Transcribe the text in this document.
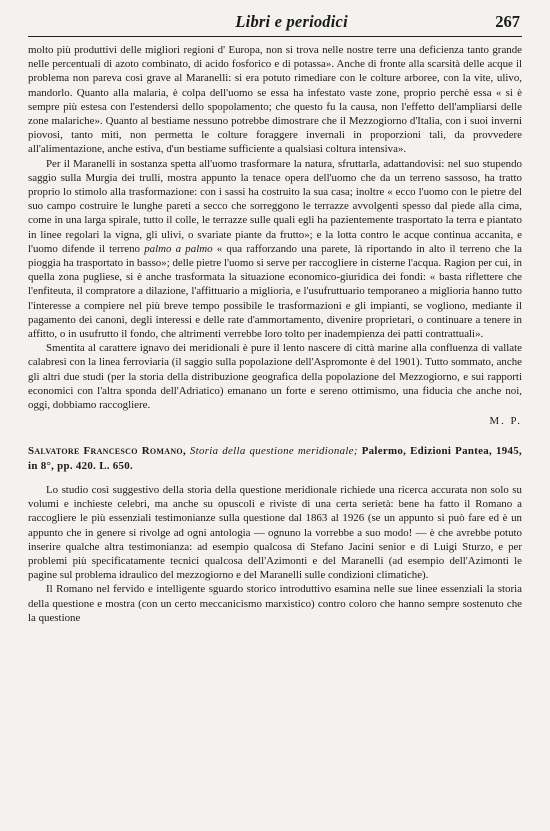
Libri e periodici	267

molto più produttivi delle migliori regioni d' Europa, non si trova nelle nostre terre una deficienza tanto grande nelle percentuali di azoto combinato, di acido fosforico e di potassa». Anche di fronte alla scarsità delle acque il problema non pareva così grave al Maranelli: si era potuto rimediare con le colture arboree, con la vite, ulivo, mandorlo. Quanto alla malaria, è colpa dell'uomo se essa ha infestato vaste zone, proprio perchè essa « si è sempre più estesa con l'estendersi dello spopolamento; che questo fu la causa, non l'effetto dell'ampliarsi delle zone malariche». Quanto al bestiame nessuno potrebbe dimostrare che il Mezzogiorno d'Italia, con i suoi inverni piovosi, tanto miti, non permetta le colture foraggere invernali in proporzioni tali, da provvedere all'alimentazione, anche estiva, d'un bestiame sufficiente a qualsiasi coltura intensiva».

Per il Maranelli in sostanza spetta all'uomo trasformare la natura, sfruttarla, adattandovisi: nel suo stupendo saggio sulla Murgia dei trulli, mostra appunto la tenace opera dell'uomo che da un terreno sassoso, ha tratto proprio lo stimolo alla trasformazione: con i sassi ha costruito la sua casa; inoltre « ecco l'uomo con le pietre del suo campo costruire le lunghe pareti a secco che sorreggono le terrazze avvolgenti spesso dal piede alla cima, come in una larga spirale, tutto il colle, le terrazze sulle quali egli ha pazientemente trasportato la terra e piantato in linee regolari la vigna, gli ulivi, o svariate piante da frutto»; e la lotta contro le acque continua accanita, e l'uomo difende il terreno palmo a palmo « qua rafforzando una parete, là riportando in alto il terreno che la pioggia ha trasportato in basso»; delle pietre l'uomo si serve per raccogliere in cisterne l'acqua. Ragion per cui, in quella zona pugliese, si è anche trasformata la situazione economico-giuridica dei fondi: « basta riflettere che l'enfiteuta, il compratore a dilazione, l'affittuario a miglioria, e l'usufruttuario temporaneo a miglioria hanno tutto l'interesse a compiere nel più breve tempo possibile le trasformazioni e gli impianti, se vogliono, mediante il pagamento dei canoni, degli interessi e delle rate d'ammortamento, divenire proprietari, o continuare a tenere in affitto, o in usufrutto il fondo, che altrimenti verrebbe loro tolto per inadempienza dei patti contrattuali».

Smentita al carattere ignavo dei meridionali è pure il lento nascere di città marine alla confluenza di vallate calabresi con la linea ferroviaria (il saggio sulla popolazione dell'Aspromonte è del 1901). Tutto sommato, anche gli altri due studi (per la storia della distribuzione geografica della popolazione del Mezzogiorno, e sui rapporti economici con l'altra sponda dell'Adriatico) emanano un forte e sereno ottimismo, una fiducia che anche noi, oggi, dobbiamo raccogliere.

M. P.
Salvatore Francesco Romano, Storia della questione meridionale; Palermo, Edizioni Pantea, 1945, in 8°, pp. 420. L. 650.

Lo studio così suggestivo della storia della questione meridionale richiede una ricerca accurata non solo su volumi e inchieste celebri, ma anche su opuscoli e riviste di una certa serietà: bene ha fatto il Romano a raccogliere le più essenziali testimonianze sulla questione dal 1863 al 1926 (se un appunto si può fare ed è un appunto che in genere si rivolge ad ogni antologia — ognuno la vorrebbe a suo modo! — è che avrebbe potuto inserire qualche altra testimonianza: ad esempio qualcosa di Stefano Jacini senior e di Luigi Sturzo, e per problemi più specificatamente tecnici qualcosa dell'Azimonti e del Maranelli (ad esempio dell'Azimonti le pagine sul problema idraulico del mezzogiorno e del Maranelli sulle condizioni climatiche).

Il Romano nel fervido e intelligente sguardo storico introduttivo esamina nelle sue linee essenziali la storia della questione e mostra (con un certo meccanicismo marxistico) contro coloro che hanno sempre sostenuto che la questione
